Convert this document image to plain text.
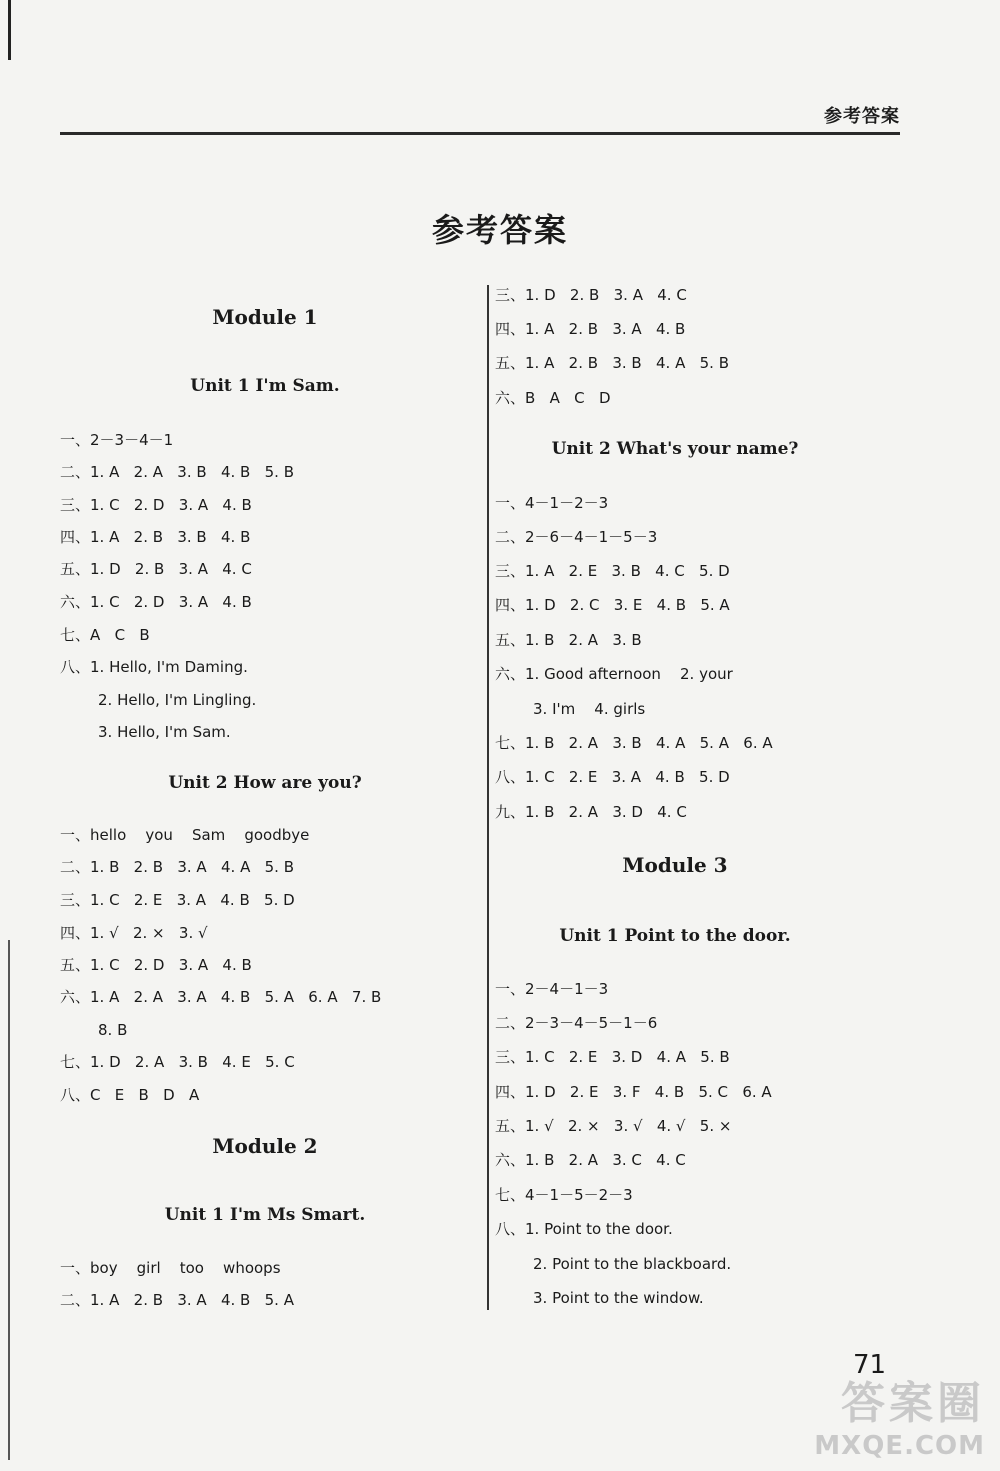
参考答案
参考答案
Module 1
Unit 1 I'm Sam.
一、2－3－4－1
二、1. A   2. A   3. B   4. B   5. B
三、1. C   2. D   3. A   4. B
四、1. A   2. B   3. B   4. B
五、1. D   2. B   3. A   4. C
六、1. C   2. D   3. A   4. B
七、A   C   B
八、1. Hello, I'm Daming.
2. Hello, I'm Lingling.
3. Hello, I'm Sam.
Unit 2 How are you?
一、hello    you    Sam    goodbye
二、1. B   2. B   3. A   4. A   5. B
三、1. C   2. E   3. A   4. B   5. D
四、1. √   2. ×   3. √
五、1. C   2. D   3. A   4. B
六、1. A   2. A   3. A   4. B   5. A   6. A   7. B
8. B
七、1. D   2. A   3. B   4. E   5. C
八、C   E   B   D   A
Module 2
Unit 1 I'm Ms Smart.
一、boy    girl    too    whoops
二、1. A   2. B   3. A   4. B   5. A
三、1. D   2. B   3. A   4. C
四、1. A   2. B   3. A   4. B
五、1. A   2. B   3. B   4. A   5. B
六、B   A   C   D
Unit 2 What's your name?
一、4－1－2－3
二、2－6－4－1－5－3
三、1. A   2. E   3. B   4. C   5. D
四、1. D   2. C   3. E   4. B   5. A
五、1. B   2. A   3. B
六、1. Good afternoon    2. your
3. I'm    4. girls
七、1. B   2. A   3. B   4. A   5. A   6. A
八、1. C   2. E   3. A   4. B   5. D
九、1. B   2. A   3. D   4. C
Module 3
Unit 1 Point to the door.
一、2－4－1－3
二、2－3－4－5－1－6
三、1. C   2. E   3. D   4. A   5. B
四、1. D   2. E   3. F   4. B   5. C   6. A
五、1. √   2. ×   3. √   4. √   5. ×
六、1. B   2. A   3. C   4. C
七、4－1－5－2－3
八、1. Point to the door.
2. Point to the blackboard.
3. Point to the window.
71
答案圈
MXQE.COM
